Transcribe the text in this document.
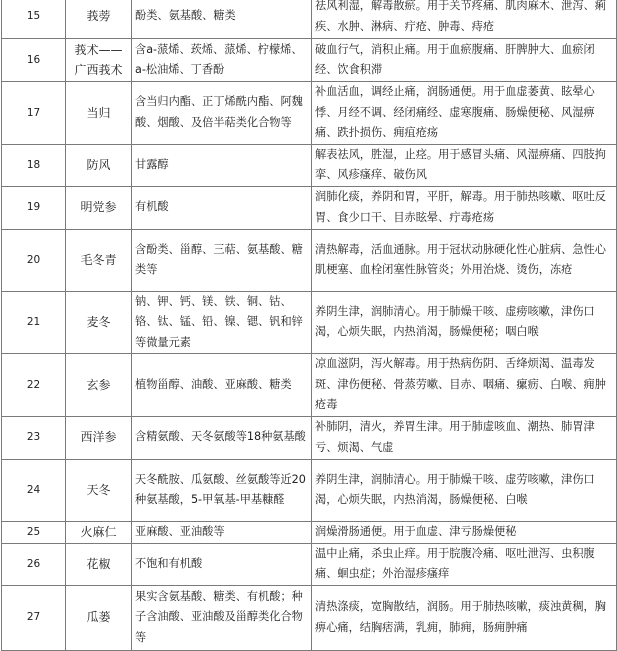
15	莪蒡	酚类、氨基酸、糖类	祛风利湿，解毒散瘀。用于关节疼痛、肌肉麻木、泄泻、痢疾、水肿、淋病、疔疮、肿毒、痔疮
16	莪术——广西莪术	含a-蒎烯、莰烯、蒎烯、柠檬烯、a-松油烯、丁香酚	破血行气，消积止痛。用于血瘀腹痛、肝脾肿大、血瘀闭经、饮食积滞
17	当归	含当归内酯、正丁烯酰内酯、阿魏酸、烟酸、及倍半萜类化合物等	补血活血，调经止痛，润肠通便。用于血虚萎黄、眩晕心悸、月经不调、经闭痛经、虚寒腹痛、肠燥便秘、风湿痹痛、跌扑损伤、痈疽疮疡
18	防风	甘露醇	解表祛风，胜湿，止痉。用于感冒头痛、风湿痹痛、四肢拘挛、风疹瘙痒、破伤风
19	明党参	有机酸	润肺化痰，养阴和胃，平肝，解毒。用于肺热咳嗽、呕吐反胃、食少口干、目赤眩晕、疔毒疮疡
20	毛冬青	含酚类、甾醇、三萜、氨基酸、糖类等	清热解毒，活血通脉。用于冠状动脉硬化性心脏病、急性心肌梗塞、血栓闭塞性脉管炎；外用治烧、烫伤，冻疮
21	麦冬	钠、钾、钙、镁、铁、铜、钴、铬、钛、锰、铅、镍、锶、钒和锌等微量元素	养阴生津，润肺清心。用于肺燥干咳、虚痨咳嗽，津伤口渴，心烦失眠，内热消渴，肠燥便秘；咽白喉
22	玄参	植物甾醇、油酸、亚麻酸、糖类	凉血滋阴，泻火解毒。用于热病伤阴、舌绛烦渴、温毒发斑、津伤便秘、骨蒸劳嗽、目赤、咽痛、瘰疬、白喉、痈肿疮毒
23	西洋参	含精氨酸、天冬氨酸等18种氨基酸	补肺阴，清火，养胃生津。用于肺虚咳血、潮热、肺胃津亏、烦渴、气虚
24	天冬	天冬酰胺、瓜氨酸、丝氨酸等近20种氨基酸，5-甲氧基-甲基糠醛	养阴生津，润肺清心。用于肺燥干咳、虚劳咳嗽，津伤口渴，心烦失眠，内热消渴，肠燥便秘、白喉
25	火麻仁	亚麻酸、亚油酸等	润燥滑肠通便。用于血虚、津亏肠燥便秘
26	花椒	不饱和有机酸	温中止痛，杀虫止痒。用于脘腹冷痛、呕吐泄泻、虫积腹痛、蛔虫症；外治湿疹瘙痒
27	瓜蒌	果实含氨基酸、糖类、有机酸；种子含油酸、亚油酸及甾醇类化合物等	清热涤痰，宽胸散结，润肠。用于肺热咳嗽，痰浊黄稠，胸痹心痛，结胸痞满，乳痈，肺痈，肠痈肿痛
